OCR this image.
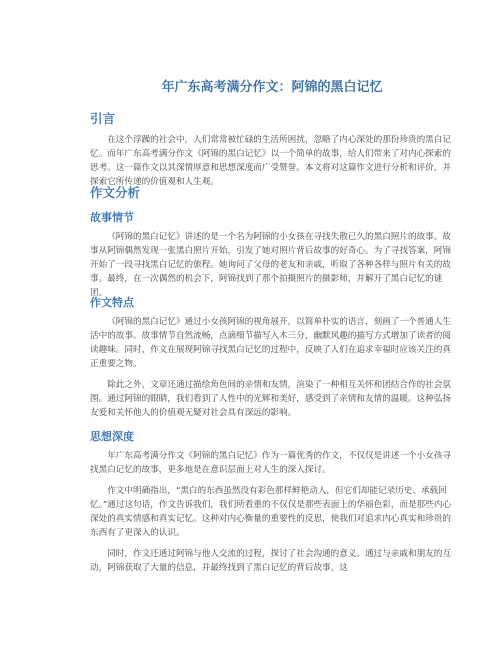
年广东高考满分作文：阿锦的黑白记忆
引言

在这个浮躁的社会中，人们常常被忙碌的生活所困扰，忽略了内心深处的那份珍贵的黑白记忆。而年广东高考满分作文《阿锦的黑白记忆》以一个简单的故事，给人们带来了对内心探索的思考。这一篇作文以其深情厚意和思想深度而广受赞誉。本文将对这篇作文进行分析和评价，并探索它所传递的价值观和人生观。

作文分析
故事情节

《阿锦的黑白记忆》讲述的是一个名为阿锦的小女孩在寻找失散已久的黑白照片的故事。故事从阿锦偶然发现一张黑白照片开始，引发了她对照片背后故事的好奇心。为了寻找答案，阿锦开始了一段寻找黑白记忆的旅程。她询问了父母的老友和亲戚，听取了各种各样与照片有关的故事。最终，在一次偶然的机会下，阿锦找到了那个拍摄照片的摄影师，并解开了黑白记忆的谜团。

作文特点

《阿锦的黑白记忆》通过小女孩阿锦的视角展开，以简单朴实的语言，刻画了一个普通人生活中的故事。故事情节自然流畅，点滴细节描写入木三分，幽默风趣的描写方式增加了读者的阅读趣味。同时，作文在展现阿锦寻找黑白记忆的过程中，反映了人们在追求幸福时应该关注的真正重要之物。

除此之外，文章还通过描绘角色间的亲情和友情，渲染了一种相互关怀和团结合作的社会氛围。通过阿锦的眼睛，我们看到了人性中的光辉和美好，感受到了亲情和友情的温暖。这种弘扬友爱和关怀他人的价值观无疑对社会具有深远的影响。

思想深度

年广东高考满分作文《阿锦的黑白记忆》作为一篇优秀的作文，不仅仅是讲述一个小女孩寻找黑白记忆的故事，更多地是在意识层面上对人生的深入探讨。

作文中明确指出，“黑白的东西虽然没有彩色那样鲜艳动人，但它们却能记录历史、承载回忆。”通过这句话，作文告诉我们，我们所看重的不仅仅是那些表面上的华丽色彩，而是那些内心深处的真实情感和真实记忆。这种对内心衡量的重要性的反思，使我们对追求内心真实和珍贵的东西有了更深入的认识。

同时，作文还通过阿锦与他人交流的过程，探讨了社会沟通的意义。通过与亲戚和朋友的互动，阿锦获取了大量的信息，并最终找到了黑白记忆的背后故事。这
